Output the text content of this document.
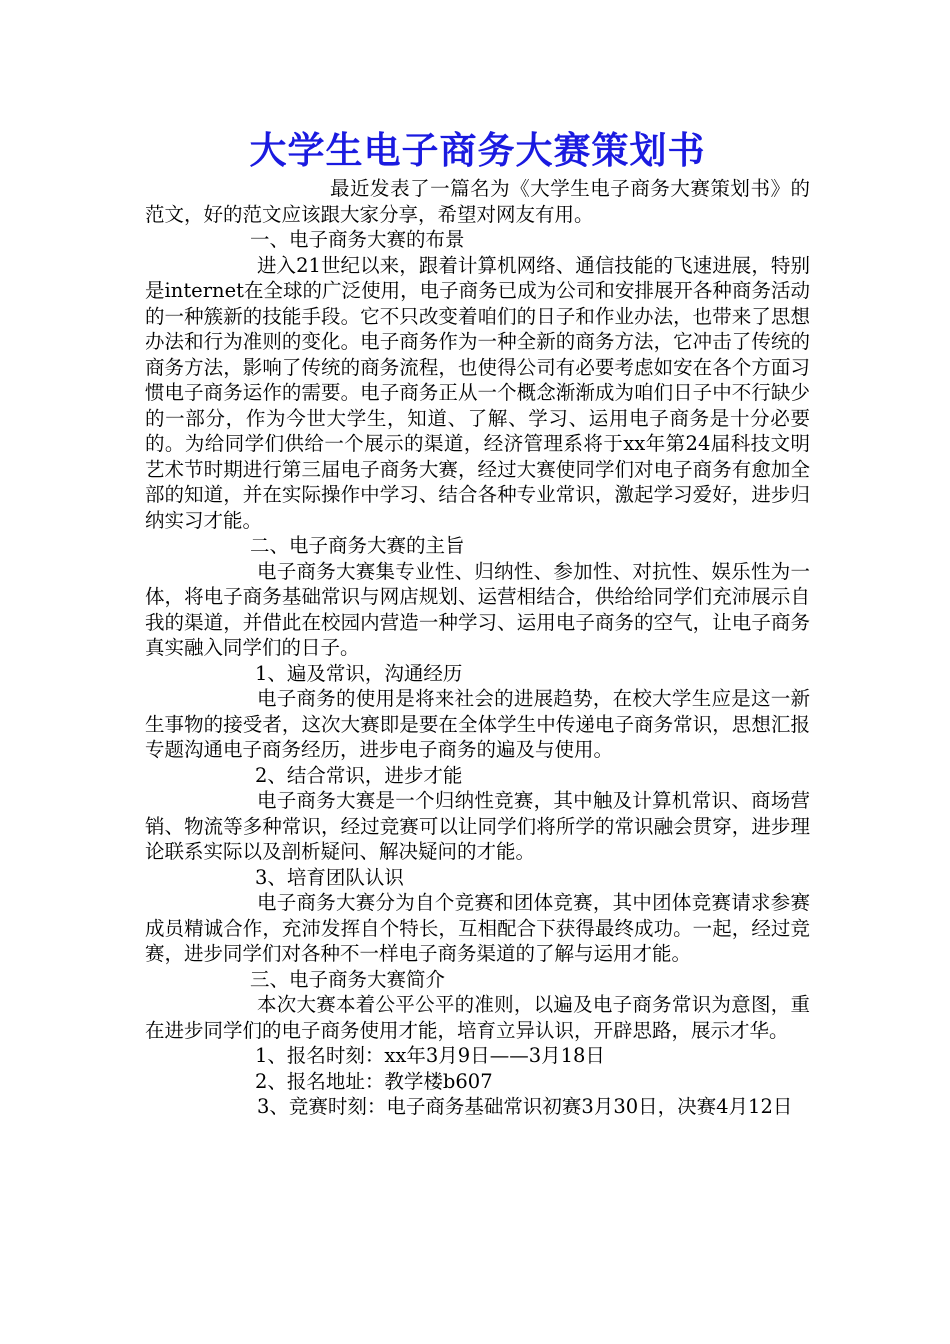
大学生电子商务大赛策划书

最近发表了一篇名为《大学生电子商务大赛策划书》的范文，好的范文应该跟大家分享，希望对网友有用。

一、电子商务大赛的布景

进入21世纪以来，跟着计算机网络、通信技能的飞速进展，特别是internet在全球的广泛使用，电子商务已成为公司和安排展开各种商务活动的一种簇新的技能手段。它不只改变着咱们的日子和作业办法，也带来了思想办法和行为准则的变化。电子商务作为一种全新的商务方法，它冲击了传统的商务方法，影响了传统的商务流程，也使得公司有必要考虑如安在各个方面习惯电子商务运作的需要。电子商务正从一个概念渐渐成为咱们日子中不行缺少的一部分，作为今世大学生，知道、了解、学习、运用电子商务是十分必要的。为给同学们供给一个展示的渠道，经济管理系将于xx年第24届科技文明艺术节时期进行第三届电子商务大赛，经过大赛使同学们对电子商务有愈加全部的知道，并在实际操作中学习、结合各种专业常识，激起学习爱好，进步归纳实习才能。

二、电子商务大赛的主旨

电子商务大赛集专业性、归纳性、参加性、对抗性、娱乐性为一体，将电子商务基础常识与网店规划、运营相结合，供给给同学们充沛展示自我的渠道，并借此在校园内营造一种学习、运用电子商务的空气，让电子商务真实融入同学们的日子。

1、遍及常识，沟通经历

电子商务的使用是将来社会的进展趋势，在校大学生应是这一新生事物的接受者，这次大赛即是要在全体学生中传递电子商务常识，思想汇报专题沟通电子商务经历，进步电子商务的遍及与使用。

2、结合常识，进步才能

电子商务大赛是一个归纳性竞赛，其中触及计算机常识、商场营销、物流等多种常识，经过竞赛可以让同学们将所学的常识融会贯穿，进步理论联系实际以及剖析疑问、解决疑问的才能。

3、培育团队认识

电子商务大赛分为自个竞赛和团体竞赛，其中团体竞赛请求参赛成员精诚合作，充沛发挥自个特长，互相配合下获得最终成功。一起，经过竞赛，进步同学们对各种不一样电子商务渠道的了解与运用才能。

三、电子商务大赛简介

本次大赛本着公平公平的准则，以遍及电子商务常识为意图，重在进步同学们的电子商务使用才能，培育立异认识，开辟思路，展示才华。

1、报名时刻：xx年3月9日——3月18日

2、报名地址：教学楼b607

3、竞赛时刻：电子商务基础常识初赛3月30日，决赛4月12日
